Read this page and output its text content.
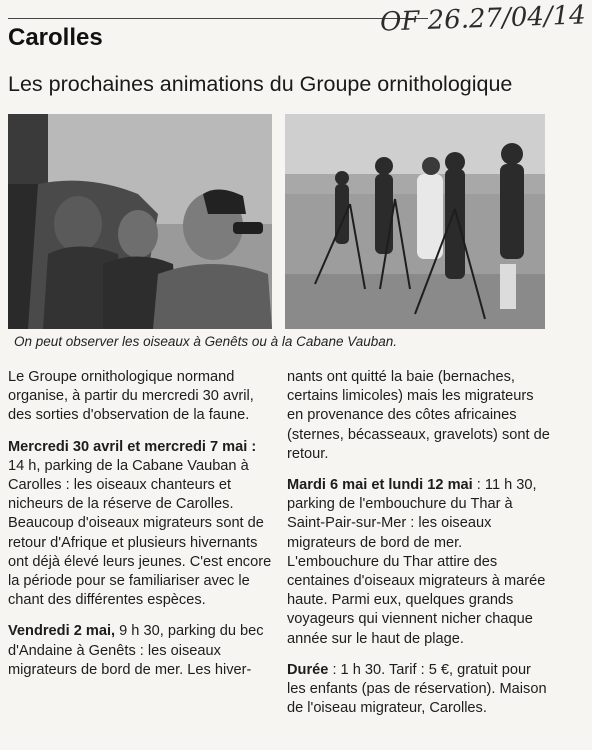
OF 26.27/04/14
Carolles
Les prochaines animations du Groupe ornithologique
On peut observer les oiseaux à Genêts ou à la Cabane Vauban.

Le Groupe ornithologique normand organise, à partir du mercredi 30 avril, des sorties d'observation de la faune.

Mercredi 30 avril et mercredi 7 mai : 14 h, parking de la Cabane Vauban à Carolles : les oiseaux chanteurs et nicheurs de la réserve de Carolles. Beaucoup d'oiseaux migrateurs sont de retour d'Afrique et plusieurs hivernants ont déjà élevé leurs jeunes. C'est encore la période pour se familiariser avec le chant des différentes espèces.

Vendredi 2 mai, 9 h 30, parking du bec d'Andaine à Genêts : les oiseaux migrateurs de bord de mer. Les hiver-

nants ont quitté la baie (bernaches, certains limicoles) mais les migrateurs en provenance des côtes africaines (sternes, bécasseaux, gravelots) sont de retour.

Mardi 6 mai et lundi 12 mai : 11 h 30, parking de l'embouchure du Thar à Saint-Pair-sur-Mer : les oiseaux migrateurs de bord de mer. L'embouchure du Thar attire des centaines d'oiseaux migrateurs à marée haute. Parmi eux, quelques grands voyageurs qui viennent nicher chaque année sur le haut de plage.

Durée : 1 h 30. Tarif : 5 €, gratuit pour les enfants (pas de réservation). Maison de l'oiseau migrateur, Carolles.
